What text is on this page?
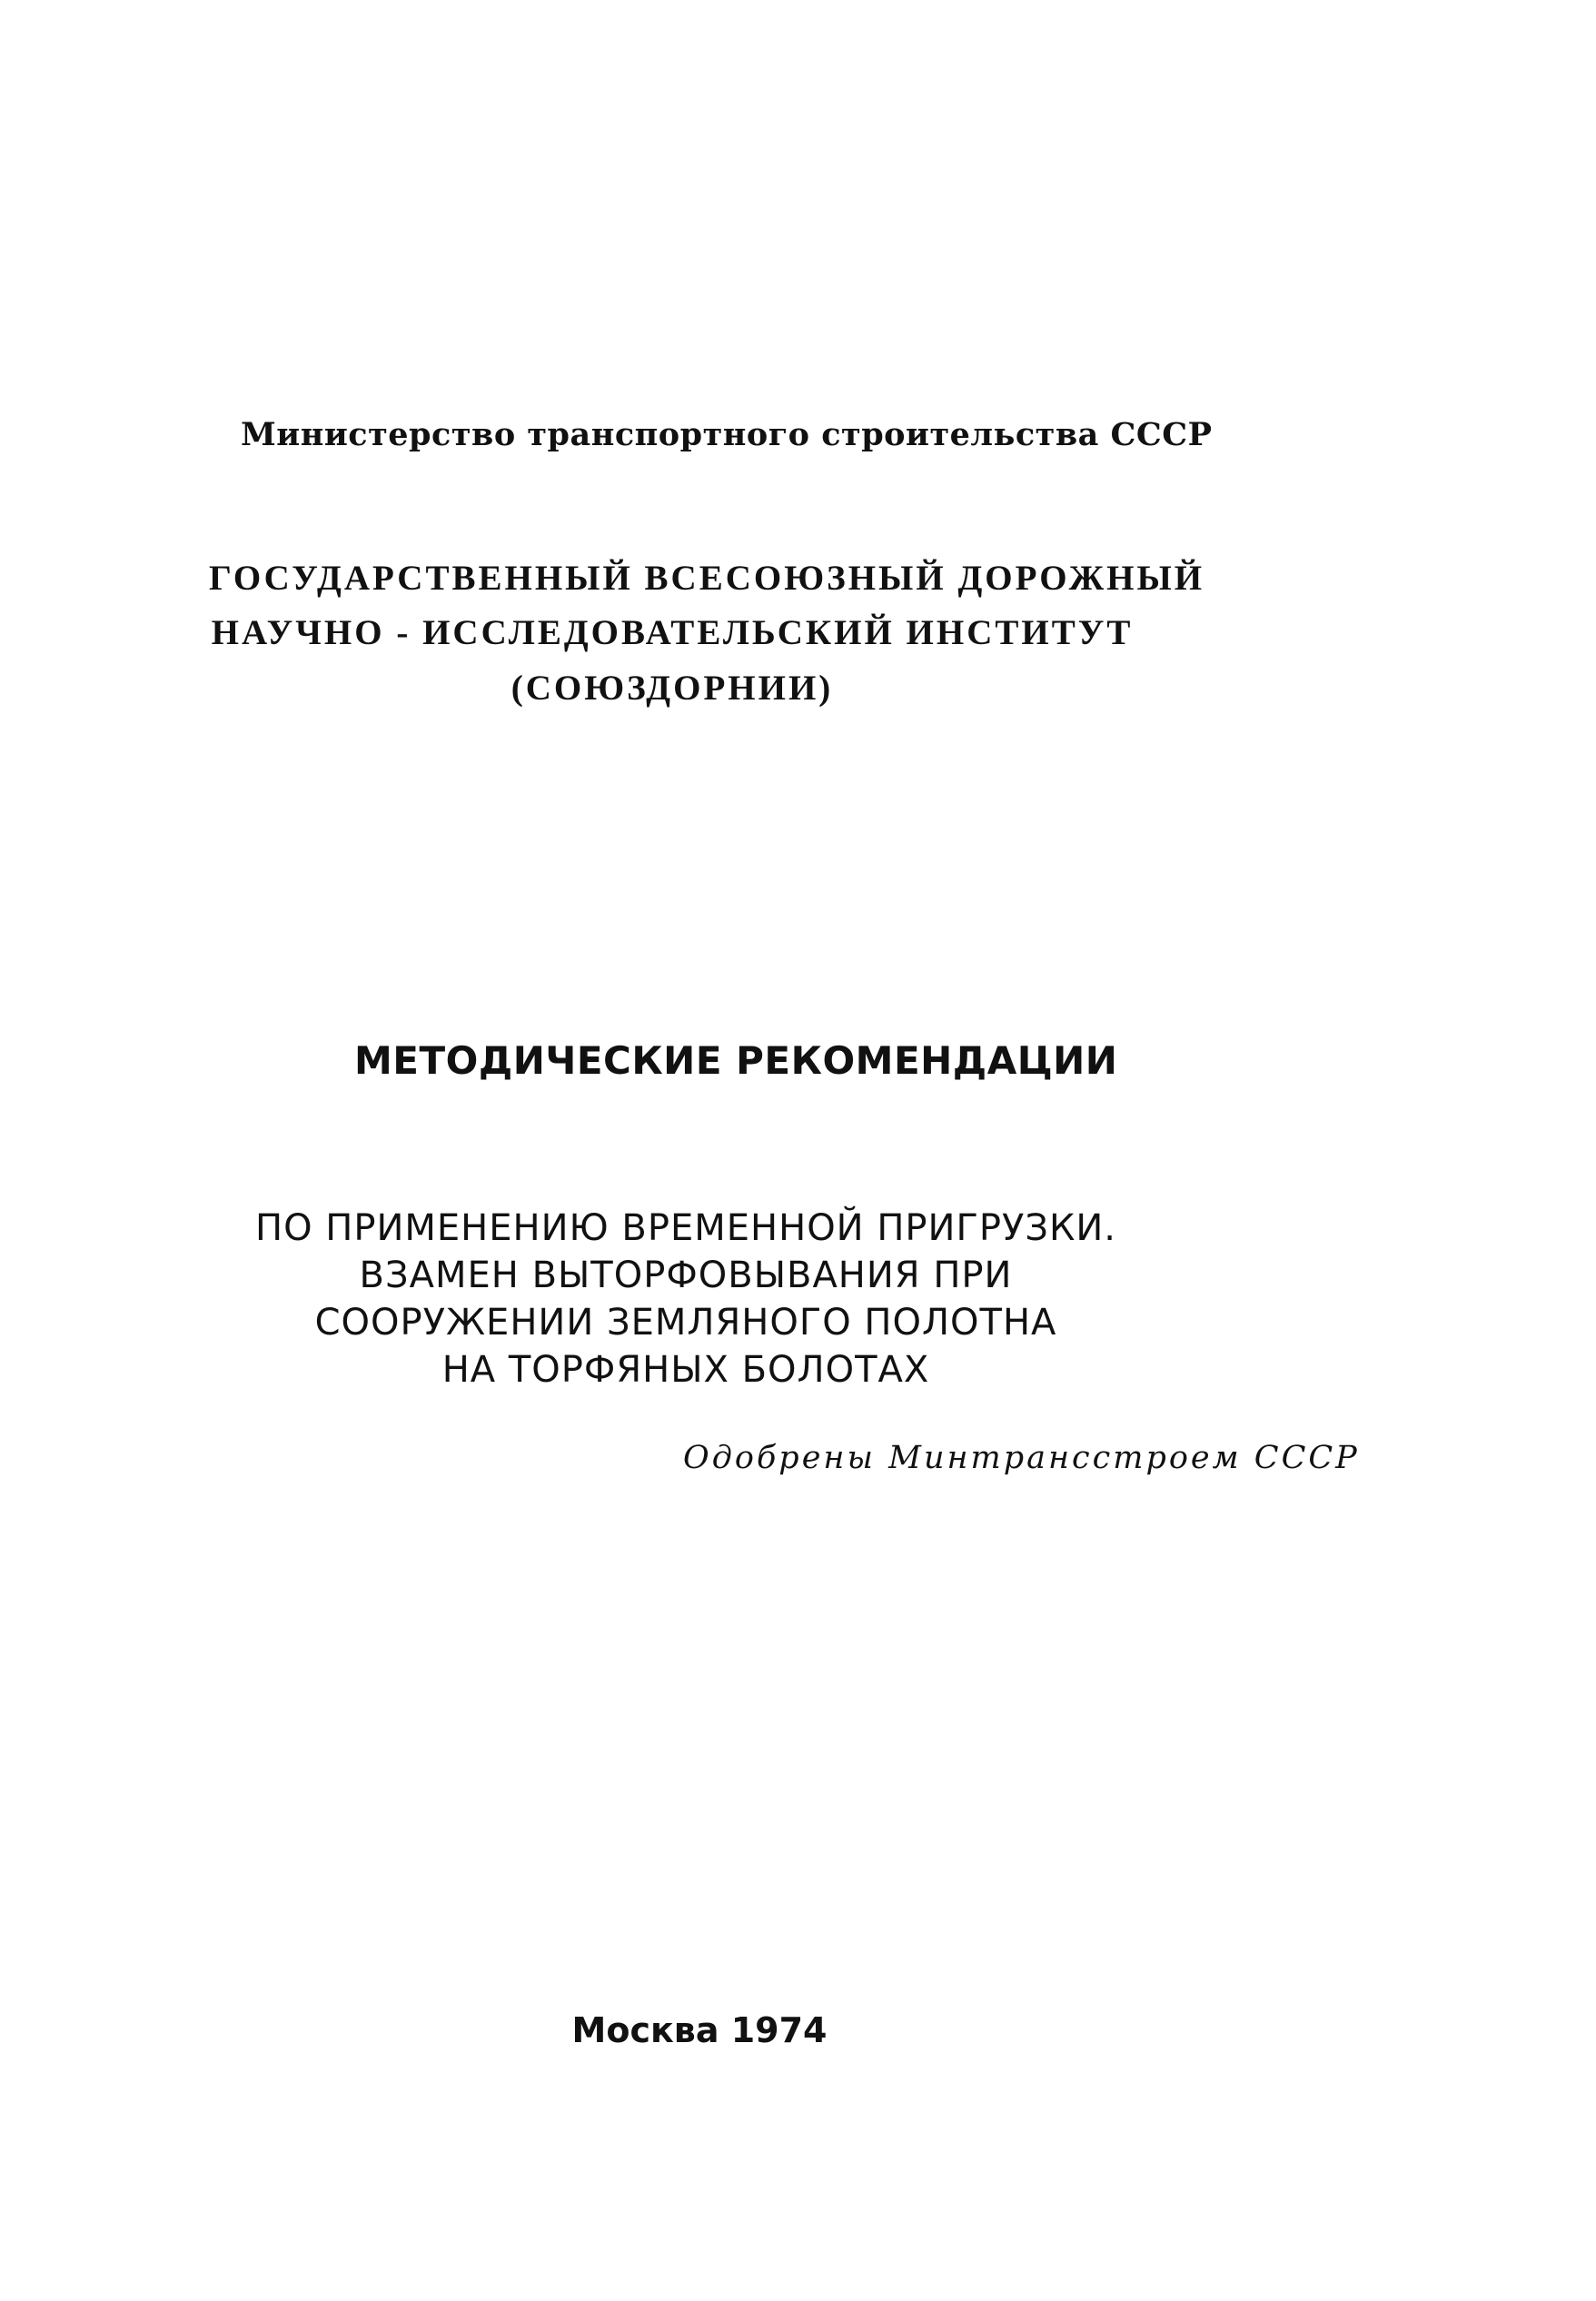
Министерство транспортного строительства СССР

ГОСУДАРСТВЕННЫЙ ВСЕСОЮЗНЫЙ ДОРОЖНЫЙ

НАУЧНО - ИССЛЕДОВАТЕЛЬСКИЙ ИНСТИТУТ

(СОЮЗДОРНИИ)

МЕТОДИЧЕСКИЕ РЕКОМЕНДАЦИИ

ПО ПРИМЕНЕНИЮ ВРЕМЕННОЙ ПРИГРУЗКИ.

ВЗАМЕН ВЫТОРФОВЫВАНИЯ ПРИ

СООРУЖЕНИИ ЗЕМЛЯНОГО ПОЛОТНА

НА ТОРФЯНЫХ БОЛОТАХ

Одобрены Минтрансстроем СССР

Москва 1974
